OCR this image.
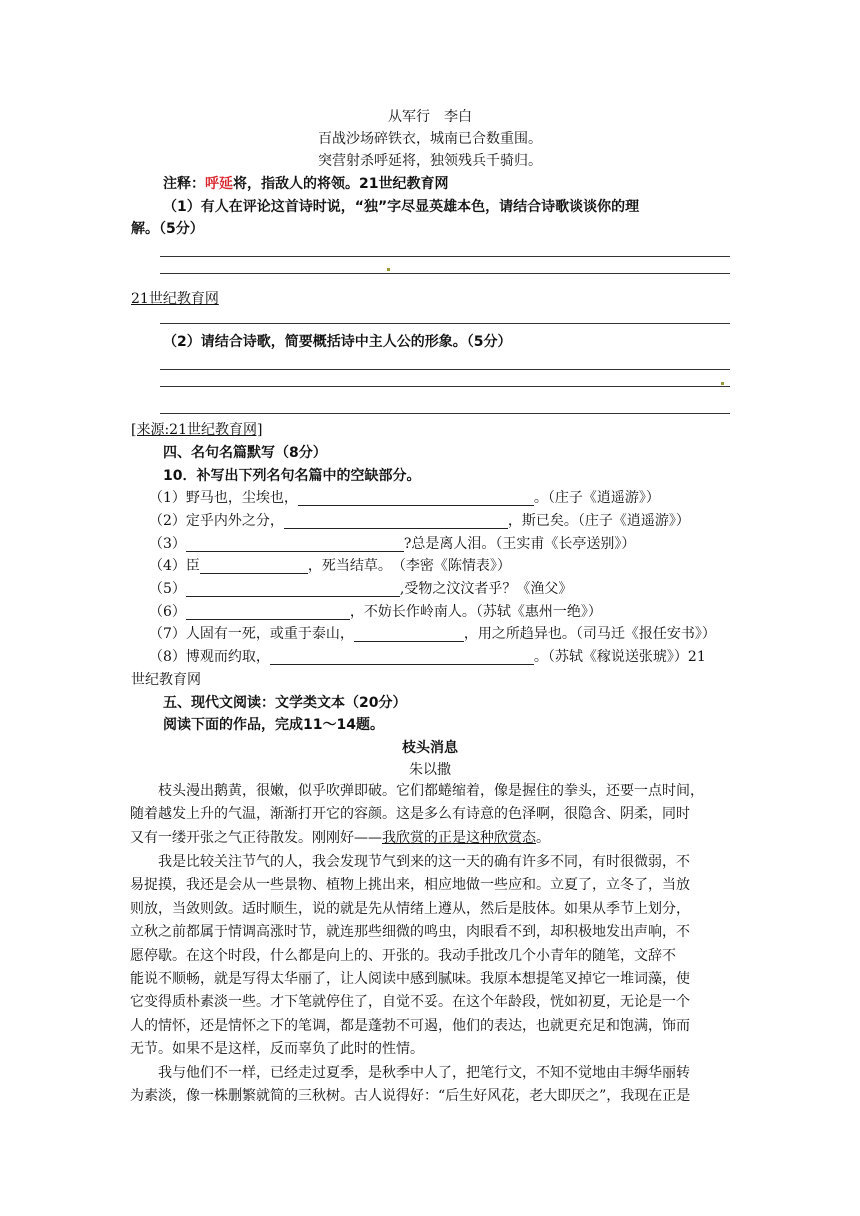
从军行　李白
百战沙场碎铁衣，城南已合数重围。
突营射杀呼延将，独领残兵千骑归。
注释：呼延将，指敌人的将领。21世纪教育网
（1）有人在评论这首诗时说，“独”字尽显英雄本色，请结合诗歌谈谈你的理
解。（5分）
21世纪教育网
（2）请结合诗歌，简要概括诗中主人公的形象。（5分）
[来源:21世纪教育网]
四、名句名篇默写（8分）
10．补写出下列名句名篇中的空缺部分。
（1）野马也，尘埃也，	。（庄子《逍遥游》）
（2）定乎内外之分，	，斯已矣。（庄子《逍遥游》）
（3）	?总是离人泪。（王实甫《长亭送别》）
（4）臣	，死当结草。　（李密《陈情表》）
（5）	,受物之汶汶者乎？《渔父》
（6）	，不妨长作岭南人。（苏轼《惠州一绝》）
（7）人固有一死，或重于泰山，	，用之所趋异也。（司马迁《报任安书》）
（8）博观而约取，	。（苏轼《稼说送张琥》）21
世纪教育网
五、现代文阅读：文学类文本（20分）
阅读下面的作品，完成11～14题。
枝头消息
朱以撒
　　枝头漫出鹅黄，很嫩，似乎吹弹即破。它们都蜷缩着，像是握住的拳头，还要一点时间，
随着越发上升的气温，渐渐打开它的容颜。这是多么有诗意的色泽啊，很隐含、阴柔，同时
又有一缕开张之气正待散发。刚刚好——我欣赏的正是这种欣赏态。
　　我是比较关注节气的人，我会发现节气到来的这一天的确有许多不同，有时很微弱，不
易捉摸，我还是会从一些景物、植物上挑出来，相应地做一些应和。立夏了，立冬了，当放
则放，当敛则敛。适时顺生，说的就是先从情绪上遵从，然后是肢体。如果从季节上划分，
立秋之前都属于情调高涨时节，就连那些细微的鸣虫，肉眼看不到，却积极地发出声响，不
愿停歇。在这个时段，什么都是向上的、开张的。我动手批改几个小青年的随笔，文辞不
能说不顺畅，就是写得太华丽了，让人阅读中感到腻味。我原本想提笔叉掉它一堆词藻，使
它变得质朴素淡一些。才下笔就停住了，自觉不妥。在这个年龄段，恍如初夏，无论是一个
人的情怀，还是情怀之下的笔调，都是蓬勃不可遏，他们的表达，也就更充足和饱满，饰而
无节。如果不是这样，反而辜负了此时的性情。
　　我与他们不一样，已经走过夏季，是秋季中人了，把笔行文，不知不觉地由丰缛华丽转
为素淡，像一株删繁就简的三秋树。古人说得好：“后生好风花，老大即厌之”，我现在正是
